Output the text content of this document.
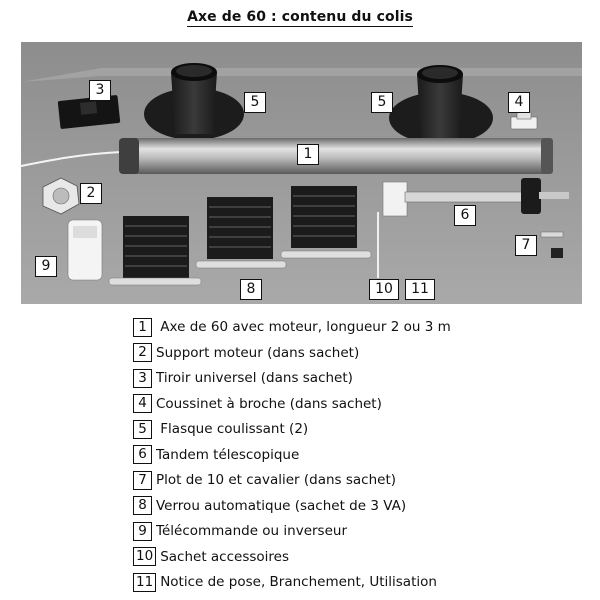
Axe de 60 : contenu du colis
3
5	5	4
1
2
6
7
9
8	10	11
1 Axe de 60 avec moteur, longueur 2 ou 3 m
2 Support moteur (dans sachet)
3 Tiroir universel (dans sachet)
4 Coussinet à broche (dans sachet)
5 Flasque coulissant (2)
6 Tandem télescopique
7 Plot de 10 et cavalier (dans sachet)
8 Verrou automatique (sachet de 3 VA)
9 Télécommande ou inverseur
10 Sachet accessoires
11 Notice de pose, Branchement, Utilisation
